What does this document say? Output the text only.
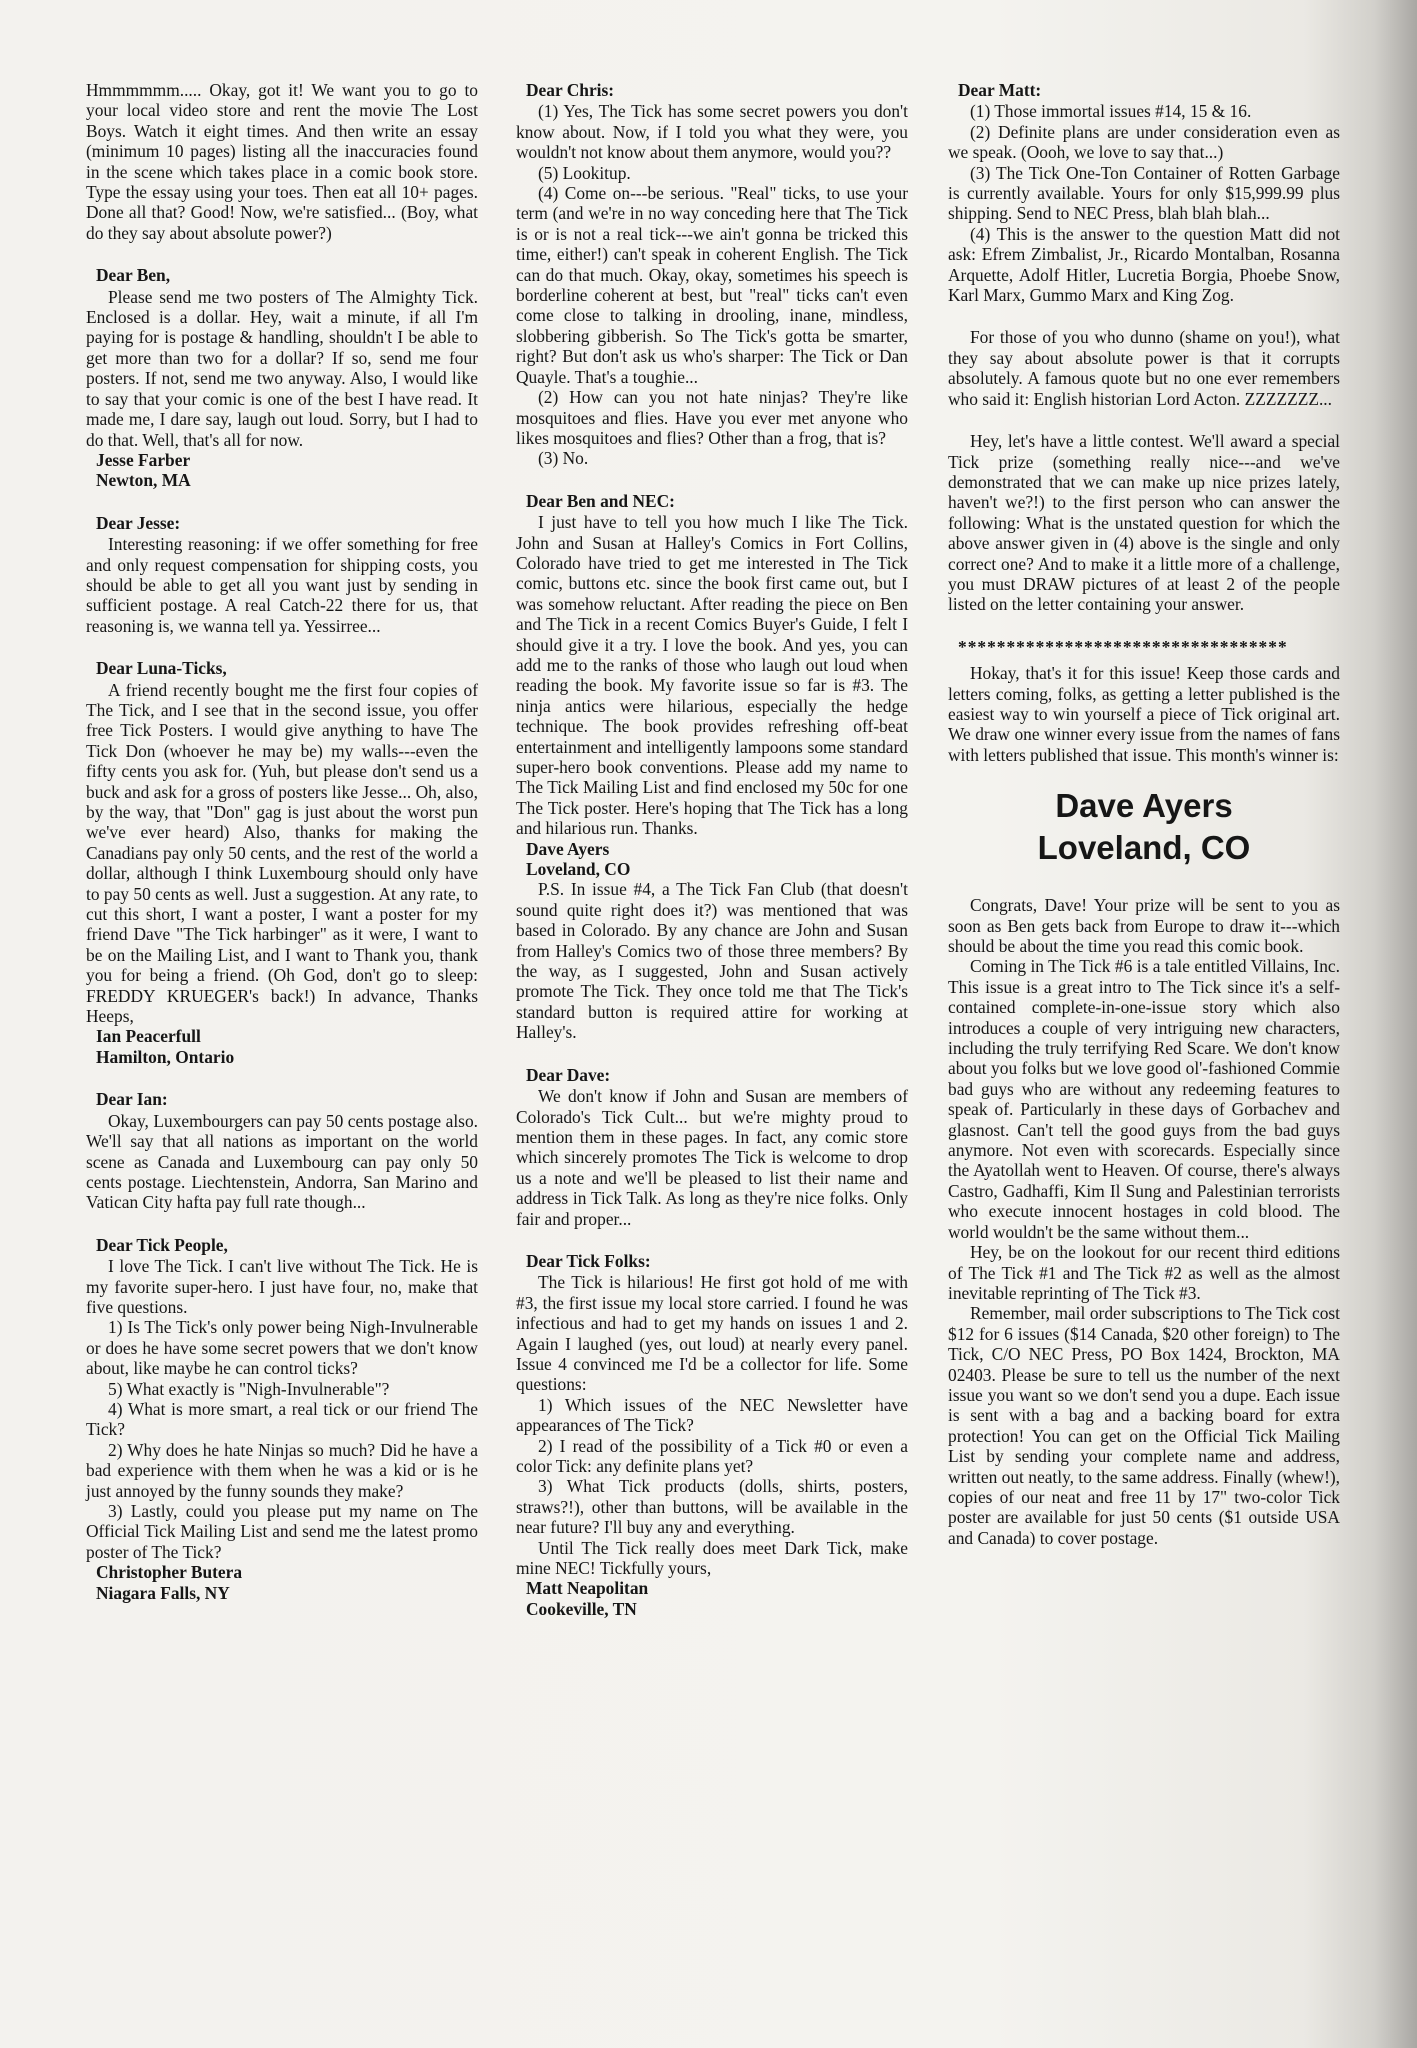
Hmmmmmm..... Okay, got it! We want you to go to your local video store and rent the movie The Lost Boys. Watch it eight times. And then write an essay (minimum 10 pages) listing all the inaccuracies found in the scene which takes place in a comic book store. Type the essay using your toes. Then eat all 10+ pages. Done all that? Good! Now, we're satisfied... (Boy, what do they say about absolute power?)

Dear Ben,

Please send me two posters of The Almighty Tick. Enclosed is a dollar. Hey, wait a minute, if all I'm paying for is postage & handling, shouldn't I be able to get more than two for a dollar? If so, send me four posters. If not, send me two anyway. Also, I would like to say that your comic is one of the best I have read. It made me, I dare say, laugh out loud. Sorry, but I had to do that. Well, that's all for now.

Jesse Farber

Newton, MA

Dear Jesse:

Interesting reasoning: if we offer something for free and only request compensation for shipping costs, you should be able to get all you want just by sending in sufficient postage. A real Catch-22 there for us, that reasoning is, we wanna tell ya. Yessirree...

Dear Luna-Ticks,

A friend recently bought me the first four copies of The Tick, and I see that in the second issue, you offer free Tick Posters. I would give anything to have The Tick Don (whoever he may be) my walls---even the fifty cents you ask for. (Yuh, but please don't send us a buck and ask for a gross of posters like Jesse... Oh, also, by the way, that "Don" gag is just about the worst pun we've ever heard) Also, thanks for making the Canadians pay only 50 cents, and the rest of the world a dollar, although I think Luxembourg should only have to pay 50 cents as well. Just a suggestion. At any rate, to cut this short, I want a poster, I want a poster for my friend Dave "The Tick harbinger" as it were, I want to be on the Mailing List, and I want to Thank you, thank you for being a friend. (Oh God, don't go to sleep: FREDDY KRUEGER's back!) In advance, Thanks Heeps,

Ian Peacerfull

Hamilton, Ontario

Dear Ian:

Okay, Luxembourgers can pay 50 cents postage also. We'll say that all nations as important on the world scene as Canada and Luxembourg can pay only 50 cents postage. Liechtenstein, Andorra, San Marino and Vatican City hafta pay full rate though...

Dear Tick People,

I love The Tick. I can't live without The Tick. He is my favorite super-hero. I just have four, no, make that five questions.

1) Is The Tick's only power being Nigh-Invulnerable or does he have some secret powers that we don't know about, like maybe he can control ticks?

5) What exactly is "Nigh-Invulnerable"?

4) What is more smart, a real tick or our friend The Tick?

2) Why does he hate Ninjas so much? Did he have a bad experience with them when he was a kid or is he just annoyed by the funny sounds they make?

3) Lastly, could you please put my name on The Official Tick Mailing List and send me the latest promo poster of The Tick?

Christopher Butera

Niagara Falls, NY

Dear Chris:

(1) Yes, The Tick has some secret powers you don't know about. Now, if I told you what they were, you wouldn't not know about them anymore, would you??

(5) Lookitup.

(4) Come on---be serious. "Real" ticks, to use your term (and we're in no way conceding here that The Tick is or is not a real tick---we ain't gonna be tricked this time, either!) can't speak in coherent English. The Tick can do that much. Okay, okay, sometimes his speech is borderline coherent at best, but "real" ticks can't even come close to talking in drooling, inane, mindless, slobbering gibberish. So The Tick's gotta be smarter, right? But don't ask us who's sharper: The Tick or Dan Quayle. That's a toughie...

(2) How can you not hate ninjas? They're like mosquitoes and flies. Have you ever met anyone who likes mosquitoes and flies? Other than a frog, that is?

(3) No.

Dear Ben and NEC:

I just have to tell you how much I like The Tick. John and Susan at Halley's Comics in Fort Collins, Colorado have tried to get me interested in The Tick comic, buttons etc. since the book first came out, but I was somehow reluctant. After reading the piece on Ben and The Tick in a recent Comics Buyer's Guide, I felt I should give it a try. I love the book. And yes, you can add me to the ranks of those who laugh out loud when reading the book. My favorite issue so far is #3. The ninja antics were hilarious, especially the hedge technique. The book provides refreshing off-beat entertainment and intelligently lampoons some standard super-hero book conventions. Please add my name to The Tick Mailing List and find enclosed my 50c for one The Tick poster. Here's hoping that The Tick has a long and hilarious run. Thanks.

Dave Ayers

Loveland, CO

P.S. In issue #4, a The Tick Fan Club (that doesn't sound quite right does it?) was mentioned that was based in Colorado. By any chance are John and Susan from Halley's Comics two of those three members? By the way, as I suggested, John and Susan actively promote The Tick. They once told me that The Tick's standard button is required attire for working at Halley's.

Dear Dave:

We don't know if John and Susan are members of Colorado's Tick Cult... but we're mighty proud to mention them in these pages. In fact, any comic store which sincerely promotes The Tick is welcome to drop us a note and we'll be pleased to list their name and address in Tick Talk. As long as they're nice folks. Only fair and proper...

Dear Tick Folks:

The Tick is hilarious! He first got hold of me with #3, the first issue my local store carried. I found he was infectious and had to get my hands on issues 1 and 2. Again I laughed (yes, out loud) at nearly every panel. Issue 4 convinced me I'd be a collector for life. Some questions:

1) Which issues of the NEC Newsletter have appearances of The Tick?

2) I read of the possibility of a Tick #0 or even a color Tick: any definite plans yet?

3) What Tick products (dolls, shirts, posters, straws?!), other than buttons, will be available in the near future? I'll buy any and everything.

Until The Tick really does meet Dark Tick, make mine NEC! Tickfully yours,

Matt Neapolitan

Cookeville, TN

Dear Matt:

(1) Those immortal issues #14, 15 & 16.

(2) Definite plans are under consideration even as we speak. (Oooh, we love to say that...)

(3) The Tick One-Ton Container of Rotten Garbage is currently available. Yours for only $15,999.99 plus shipping. Send to NEC Press, blah blah blah...

(4) This is the answer to the question Matt did not ask: Efrem Zimbalist, Jr., Ricardo Montalban, Rosanna Arquette, Adolf Hitler, Lucretia Borgia, Phoebe Snow, Karl Marx, Gummo Marx and King Zog.

For those of you who dunno (shame on you!), what they say about absolute power is that it corrupts absolutely. A famous quote but no one ever remembers who said it: English historian Lord Acton. ZZZZZZZ...

Hey, let's have a little contest. We'll award a special Tick prize (something really nice---and we've demonstrated that we can make up nice prizes lately, haven't we?!) to the first person who can answer the following: What is the unstated question for which the above answer given in (4) above is the single and only correct one? And to make it a little more of a challenge, you must DRAW pictures of at least 2 of the people listed on the letter containing your answer.

**********************************

Hokay, that's it for this issue! Keep those cards and letters coming, folks, as getting a letter published is the easiest way to win yourself a piece of Tick original art. We draw one winner every issue from the names of fans with letters published that issue. This month's winner is:

Dave Ayers
Loveland, CO

Congrats, Dave! Your prize will be sent to you as soon as Ben gets back from Europe to draw it---which should be about the time you read this comic book.

Coming in The Tick #6 is a tale entitled Villains, Inc. This issue is a great intro to The Tick since it's a self-contained complete-in-one-issue story which also introduces a couple of very intriguing new characters, including the truly terrifying Red Scare. We don't know about you folks but we love good ol'-fashioned Commie bad guys who are without any redeeming features to speak of. Particularly in these days of Gorbachev and glasnost. Can't tell the good guys from the bad guys anymore. Not even with scorecards. Especially since the Ayatollah went to Heaven. Of course, there's always Castro, Gadhaffi, Kim Il Sung and Palestinian terrorists who execute innocent hostages in cold blood. The world wouldn't be the same without them...

Hey, be on the lookout for our recent third editions of The Tick #1 and The Tick #2 as well as the almost inevitable reprinting of The Tick #3.

Remember, mail order subscriptions to The Tick cost $12 for 6 issues ($14 Canada, $20 other foreign) to The Tick, C/O NEC Press, PO Box 1424, Brockton, MA 02403. Please be sure to tell us the number of the next issue you want so we don't send you a dupe. Each issue is sent with a bag and a backing board for extra protection! You can get on the Official Tick Mailing List by sending your complete name and address, written out neatly, to the same address. Finally (whew!), copies of our neat and free 11 by 17" two-color Tick poster are available for just 50 cents ($1 outside USA and Canada) to cover postage.
